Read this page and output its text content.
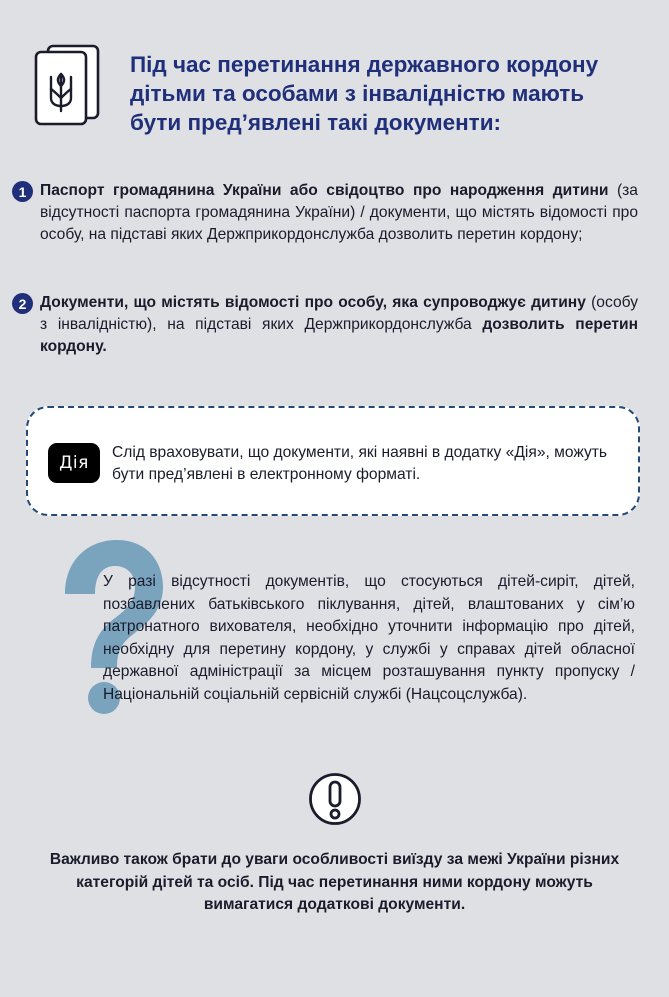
Під час перетинання державного кордону
дітьми та особами з інвалідністю мають
бути пред’явлені такі документи:
1 Паспорт громадянина України або свідоцтво про народження дитини (за відсутності паспорта громадянина України) / документи, що містять відомості про особу, на підставі яких Держприкордонслужба дозволить перетин кордону;

2 Документи, що містять відомості про особу, яка супроводжує дитину (особу з інвалідністю), на підставі яких Держприкордонслужба дозволить перетин кордону.

Дія

Слід враховувати, що документи, які наявні в додатку «Дія», можуть бути пред’явлені в електронному форматі.

У разі відсутності документів, що стосуються дітей-сиріт, дітей, позбавлених батьківського піклування, дітей, влаштованих у сім’ю патронатного вихователя, необхідно уточнити інформацію про дітей, необхідну для перетину кордону, у службі у справах дітей обласної державної адміністрації за місцем розташування пункту пропуску / Національній соціальній сервісній службі (Нацсоцслужба).

Важливо також брати до уваги особливості виїзду за межі України різних категорій дітей та осіб. Під час перетинання ними кордону можуть вимагатися додаткові документи.
